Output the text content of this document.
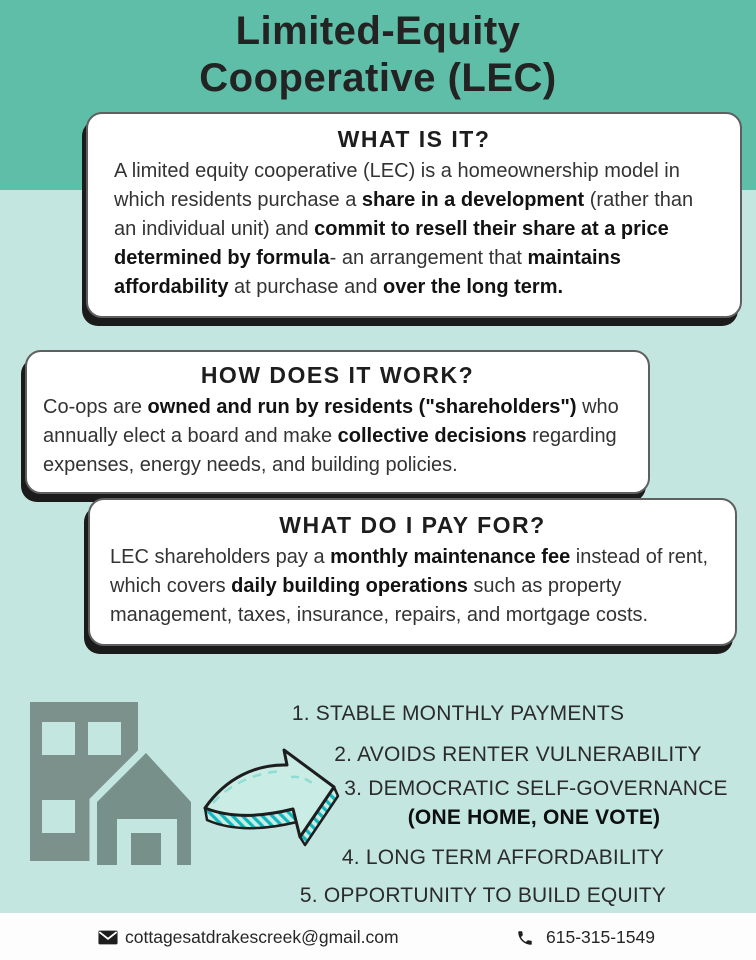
Limited-Equity
Cooperative (LEC)
WHAT IS IT?

A limited equity cooperative (LEC) is a homeownership model in which residents purchase a share in a development (rather than an individual unit) and commit to resell their share at a price determined by formula- an arrangement that maintains affordability at purchase and over the long term.

HOW DOES IT WORK?

Co-ops are owned and run by residents ("shareholders") who annually elect a board and make collective decisions regarding expenses, energy needs, and building policies.

WHAT DO I PAY FOR?

LEC shareholders pay a monthly maintenance fee instead of rent, which covers daily building operations such as property management, taxes, insurance, repairs, and mortgage costs.

1. STABLE MONTHLY PAYMENTS
2. AVOIDS RENTER VULNERABILITY
3. DEMOCRATIC SELF-GOVERNANCE
(ONE HOME, ONE VOTE)
4. LONG TERM AFFORDABILITY
5. OPPORTUNITY TO BUILD EQUITY
cottagesatdrakescreek@gmail.com	615-315-1549
